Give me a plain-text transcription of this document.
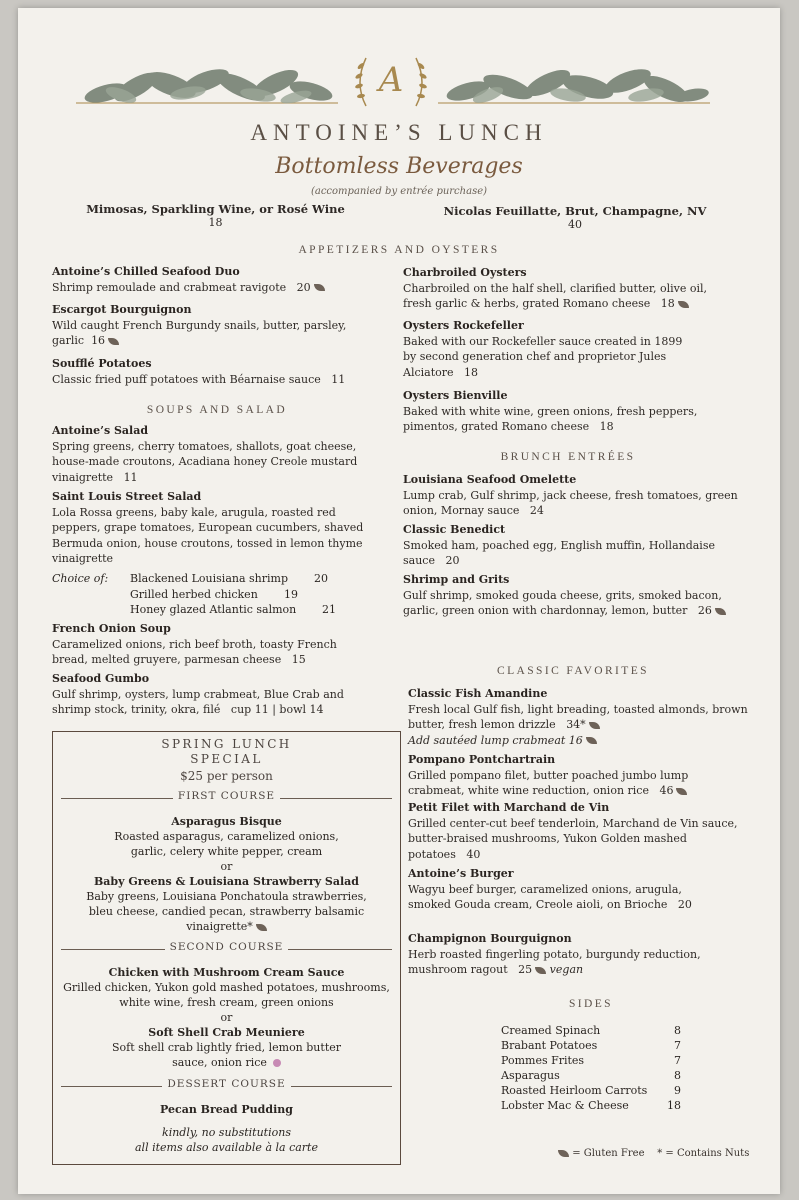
A
ANTOINE’S LUNCH
Bottomless Beverages
(accompanied by entrée purchase)
Mimosas, Sparkling Wine, or Rosé Wine
18
Nicolas Feuillatte, Brut, Champagne, NV
40
APPETIZERS AND OYSTERS
Antoine’s Chilled Seafood Duo
Shrimp remoulade and crabmeat ravigote 20
Escargot Bourguignon
Wild caught French Burgundy snails, butter, parsley, garlic 16
Soufflé Potatoes
Classic fried puff potatoes with Béarnaise sauce 11
Charbroiled Oysters
Charbroiled on the half shell, clarified butter, olive oil, fresh garlic & herbs, grated Romano cheese 18
Oysters Rockefeller
Baked with our Rockefeller sauce created in 1899 by second generation chef and proprietor Jules Alciatore 18
Oysters Bienville
Baked with white wine, green onions, fresh peppers, pimentos, grated Romano cheese 18
SOUPS AND SALAD
Antoine’s Salad
Spring greens, cherry tomatoes, shallots, goat cheese, house-made croutons, Acadiana honey Creole mustard vinaigrette 11
Saint Louis Street Salad
Lola Rossa greens, baby kale, arugula, roasted red peppers, grape tomatoes, European cucumbers, shaved Bermuda onion, house croutons, tossed in lemon thyme vinaigrette
Choice of: Blackened Louisiana shrimp 20
Grilled herbed chicken 19
Honey glazed Atlantic salmon 21
French Onion Soup
Caramelized onions, rich beef broth, toasty French bread, melted gruyere, parmesan cheese 15
Seafood Gumbo
Gulf shrimp, oysters, lump crabmeat, Blue Crab and shrimp stock, trinity, okra, filé cup 11 | bowl 14
SPRING LUNCH
SPECIAL
$25 per person
FIRST COURSE
Asparagus Bisque
Roasted asparagus, caramelized onions, garlic, celery white pepper, cream
or
Baby Greens & Louisiana Strawberry Salad
Baby greens, Louisiana Ponchatoula strawberries, bleu cheese, candied pecan, strawberry balsamic vinaigrette*
SECOND COURSE
Chicken with Mushroom Cream Sauce
Grilled chicken, Yukon gold mashed potatoes, mushrooms, white wine, fresh cream, green onions
or
Soft Shell Crab Meuniere
Soft shell crab lightly fried, lemon butter sauce, onion rice
DESSERT COURSE
Pecan Bread Pudding
kindly, no substitutions
all items also available à la carte
BRUNCH ENTRÉES
Louisiana Seafood Omelette
Lump crab, Gulf shrimp, jack cheese, fresh tomatoes, green onion, Mornay sauce 24
Classic Benedict
Smoked ham, poached egg, English muffin, Hollandaise sauce 20
Shrimp and Grits
Gulf shrimp, smoked gouda cheese, grits, smoked bacon, garlic, green onion with chardonnay, lemon, butter 26
CLASSIC FAVORITES
Classic Fish Amandine
Fresh local Gulf fish, light breading, toasted almonds, brown butter, fresh lemon drizzle 34*
Add sautéed lump crabmeat 16
Pompano Pontchartrain
Grilled pompano filet, butter poached jumbo lump crabmeat, white wine reduction, onion rice 46
Petit Filet with Marchand de Vin
Grilled center-cut beef tenderloin, Marchand de Vin sauce, butter-braised mushrooms, Yukon Golden mashed potatoes 40
Antoine’s Burger
Wagyu beef burger, caramelized onions, arugula, smoked Gouda cream, Creole aioli, on Brioche 20
Champignon Bourguignon
Herb roasted fingerling potato, burgundy reduction, mushroom ragout 25 vegan
SIDES
Creamed Spinach	8
Brabant Potatoes	7
Pommes Frites	7
Asparagus	8
Roasted Heirloom Carrots 9
Lobster Mac & Cheese	18
= Gluten Free * = Contains Nuts
